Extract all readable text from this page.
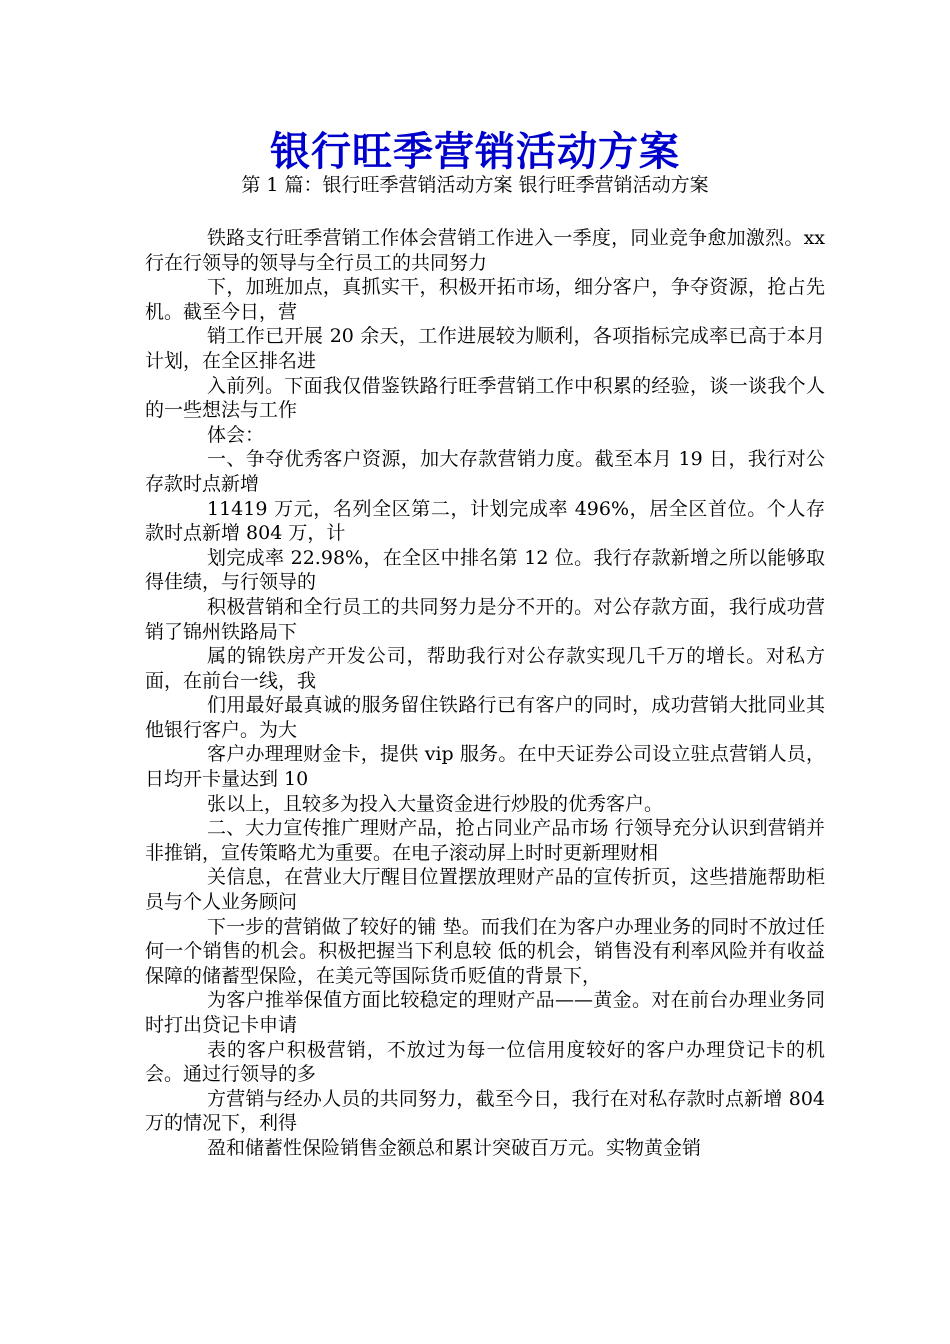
银行旺季营销活动方案
第 1 篇：银行旺季营销活动方案 银行旺季营销活动方案

铁路支行旺季营销工作体会营销工作进入一季度，同业竞争愈加激烈。xx 行在行领导的领导与全行员工的共同努力

下，加班加点，真抓实干，积极开拓市场，细分客户，争夺资源，抢占先机。截至今日，营

销工作已开展 20 余天，工作进展较为顺利，各项指标完成率已高于本月计划，在全区排名进

入前列。下面我仅借鉴铁路行旺季营销工作中积累的经验，谈一谈我个人的一些想法与工作

体会：

一、争夺优秀客户资源，加大存款营销力度。截至本月 19 日，我行对公存款时点新增

11419 万元，名列全区第二，计划完成率 496%，居全区首位。个人存款时点新增 804 万，计

划完成率 22.98%，在全区中排名第 12 位。我行存款新增之所以能够取得佳绩，与行领导的

积极营销和全行员工的共同努力是分不开的。对公存款方面，我行成功营销了锦州铁路局下

属的锦铁房产开发公司，帮助我行对公存款实现几千万的增长。对私方面，在前台一线，我

们用最好最真诚的服务留住铁路行已有客户的同时，成功营销大批同业其他银行客户。为大

客户办理理财金卡，提供 vip 服务。在中天证券公司设立驻点营销人员，日均开卡量达到 10

张以上，且较多为投入大量资金进行炒股的优秀客户。

二、大力宣传推广理财产品，抢占同业产品市场 行领导充分认识到营销并非推销，宣传策略尤为重要。在电子滚动屏上时时更新理财相

关信息，在营业大厅醒目位置摆放理财产品的宣传折页，这些措施帮助柜员与个人业务顾问

下一步的营销做了较好的铺 垫。而我们在为客户办理业务的同时不放过任何一个销售的机会。积极把握当下利息较 低的机会，销售没有利率风险并有收益保障的储蓄型保险，在美元等国际货币贬值的背景下，

为客户推举保值方面比较稳定的理财产品——黄金。对在前台办理业务同时打出贷记卡申请

表的客户积极营销，不放过为每一位信用度较好的客户办理贷记卡的机会。通过行领导的多

方营销与经办人员的共同努力，截至今日，我行在对私存款时点新增 804 万的情况下，利得

盈和储蓄性保险销售金额总和累计突破百万元。实物黄金销
